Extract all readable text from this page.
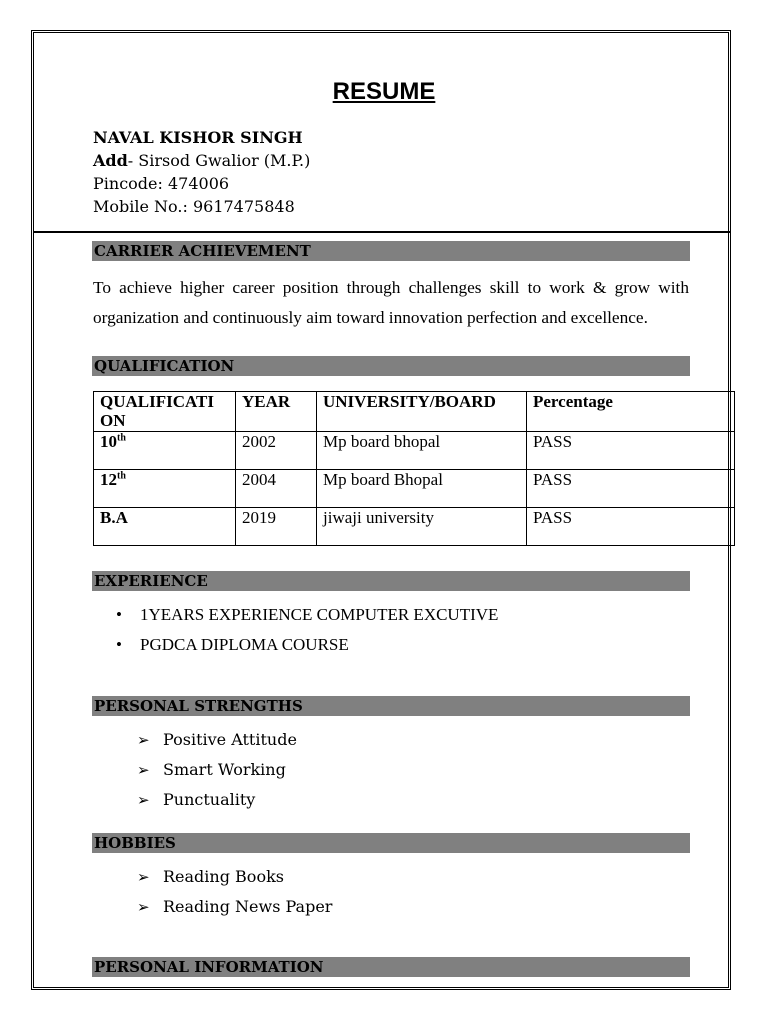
RESUME
NAVAL KISHOR SINGH
Add- Sirsod Gwalior (M.P.)
Pincode: 474006
Mobile No.: 9617475848
CARRIER ACHIEVEMENT
To achieve higher career position through challenges skill to work & grow with organization and continuously aim toward innovation perfection and excellence.
QUALIFICATION
QUALIFICATI ON	YEAR	UNIVERSITY/BOARD	Percentage
10th	2002	Mp board bhopal	PASS
12th	2004	Mp board Bhopal	PASS
B.A	2019	jiwaji university	PASS
EXPERIENCE
• 1YEARS EXPERIENCE COMPUTER EXCUTIVE
• PGDCA DIPLOMA COURSE
PERSONAL STRENGTHS
➢ Positive Attitude
➢ Smart Working
➢ Punctuality
HOBBIES
➢ Reading Books
➢ Reading News Paper
PERSONAL INFORMATION
